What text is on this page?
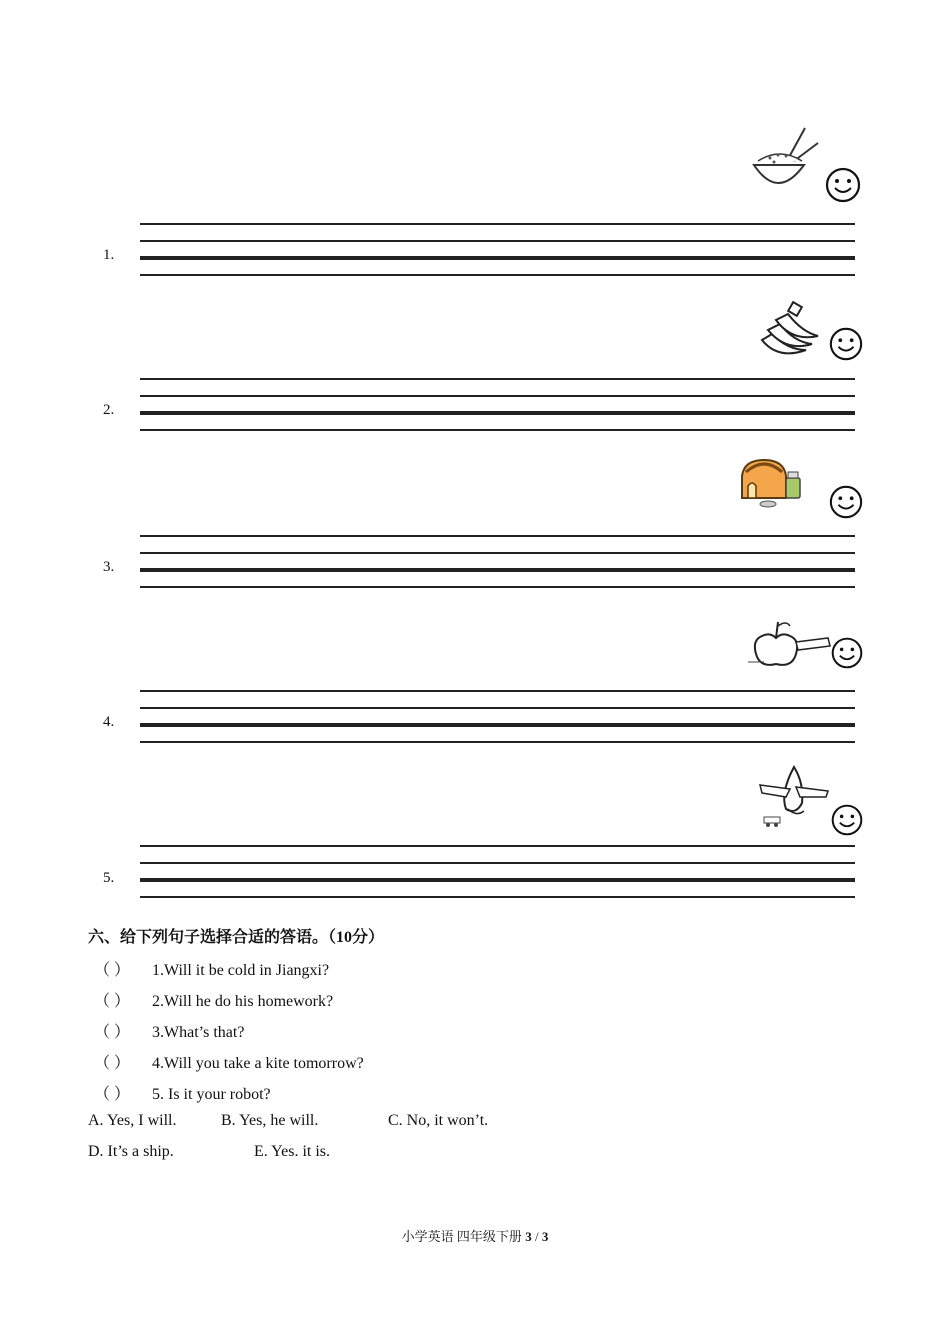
1.
2.
3.
4.
5.
六、给下列句子选择合适的答语。（10分）
（ ） 1.Will it be cold in Jiangxi?
（ ） 2.Will he do his homework?
（ ） 3.What’s that?
（ ） 4.Will you take a kite tomorrow?
（ ） 5. Is it your robot?
A. Yes, I will.	B. Yes, he will.	C. No, it won’t.
D. It’s a ship.	E. Yes. it is.
小学英语 四年级下册 3 / 3
